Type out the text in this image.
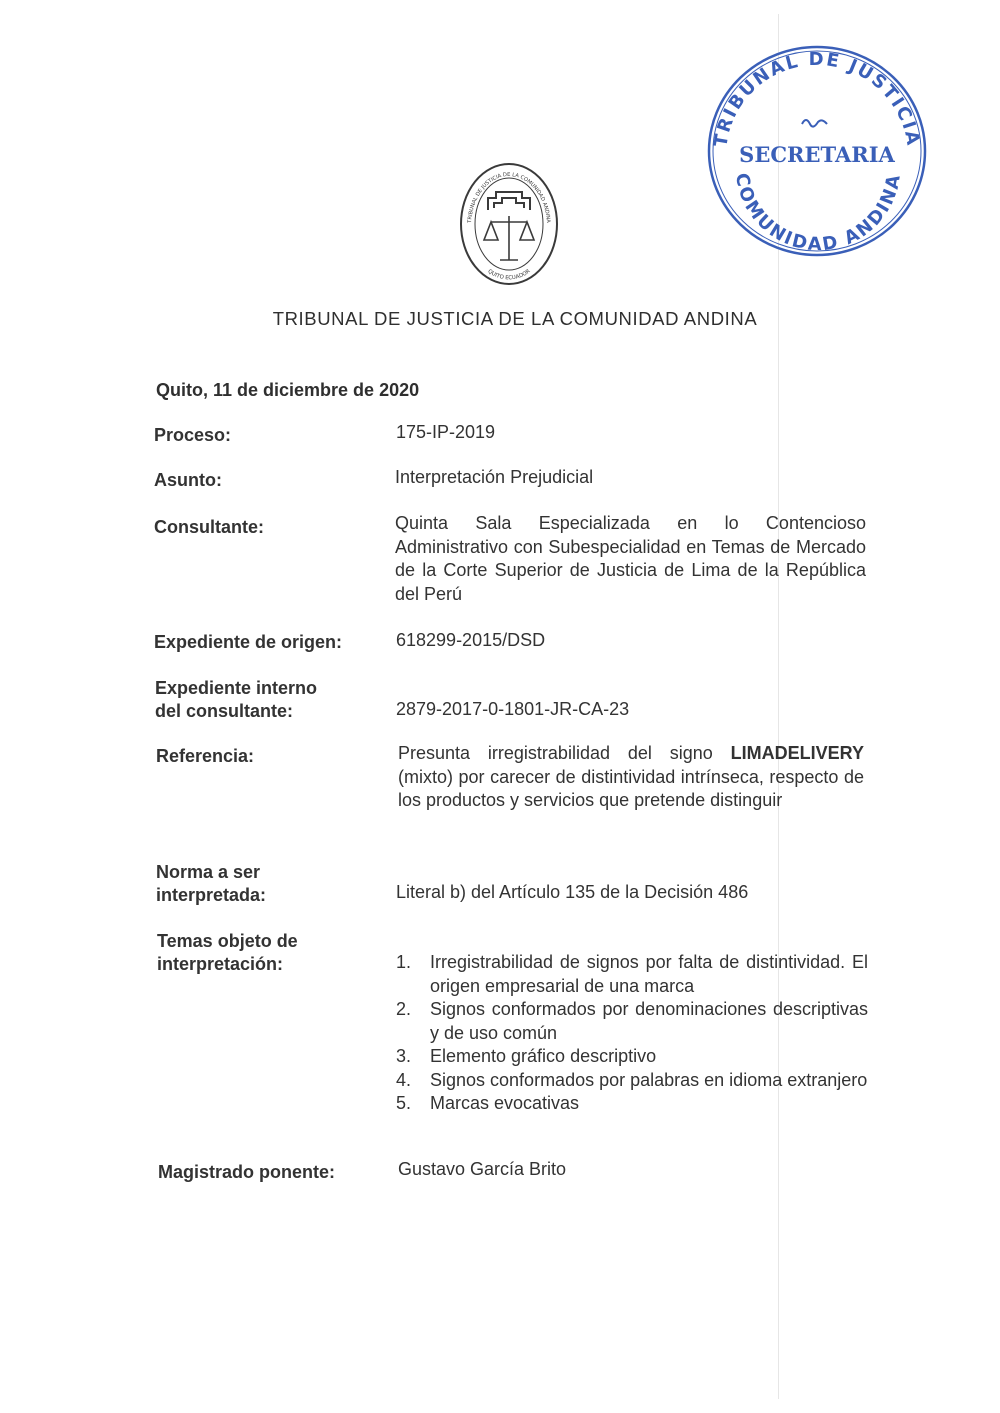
TRIBUNAL DE JUSTICIA
COMUNIDAD ANDINA
SECRETARIA
TRIBUNAL DE JUSTICIA DE LA COMUNIDAD ANDINA
QUITO ECUADOR
TRIBUNAL DE JUSTICIA DE LA COMUNIDAD ANDINA
Quito, 11 de diciembre de 2020
Proceso:	175-IP-2019
Asunto:	Interpretación Prejudicial
Consultante:	Quinta Sala Especializada en lo Contencioso Administrativo con Subespecialidad en Temas de Mercado de la Corte Superior de Justicia de Lima de la República del Perú
Expediente de origen:	618299-2015/DSD
Expediente interno
del consultante:	2879-2017-0-1801-JR-CA-23
Referencia:	Presunta irregistrabilidad del signo LIMADELIVERY (mixto) por carecer de distintividad intrínseca, respecto de los productos y servicios que pretende distinguir
Norma a ser
interpretada:	Literal b) del Artículo 135 de la Decisión 486
Temas objeto de
interpretación:	1. Irregistrabilidad de signos por falta de distintividad. El origen empresarial de una marca
2. Signos conformados por denominaciones descriptivas y de uso común
3. Elemento gráfico descriptivo
4. Signos conformados por palabras en idioma extranjero
5. Marcas evocativas
Magistrado ponente:	Gustavo García Brito
